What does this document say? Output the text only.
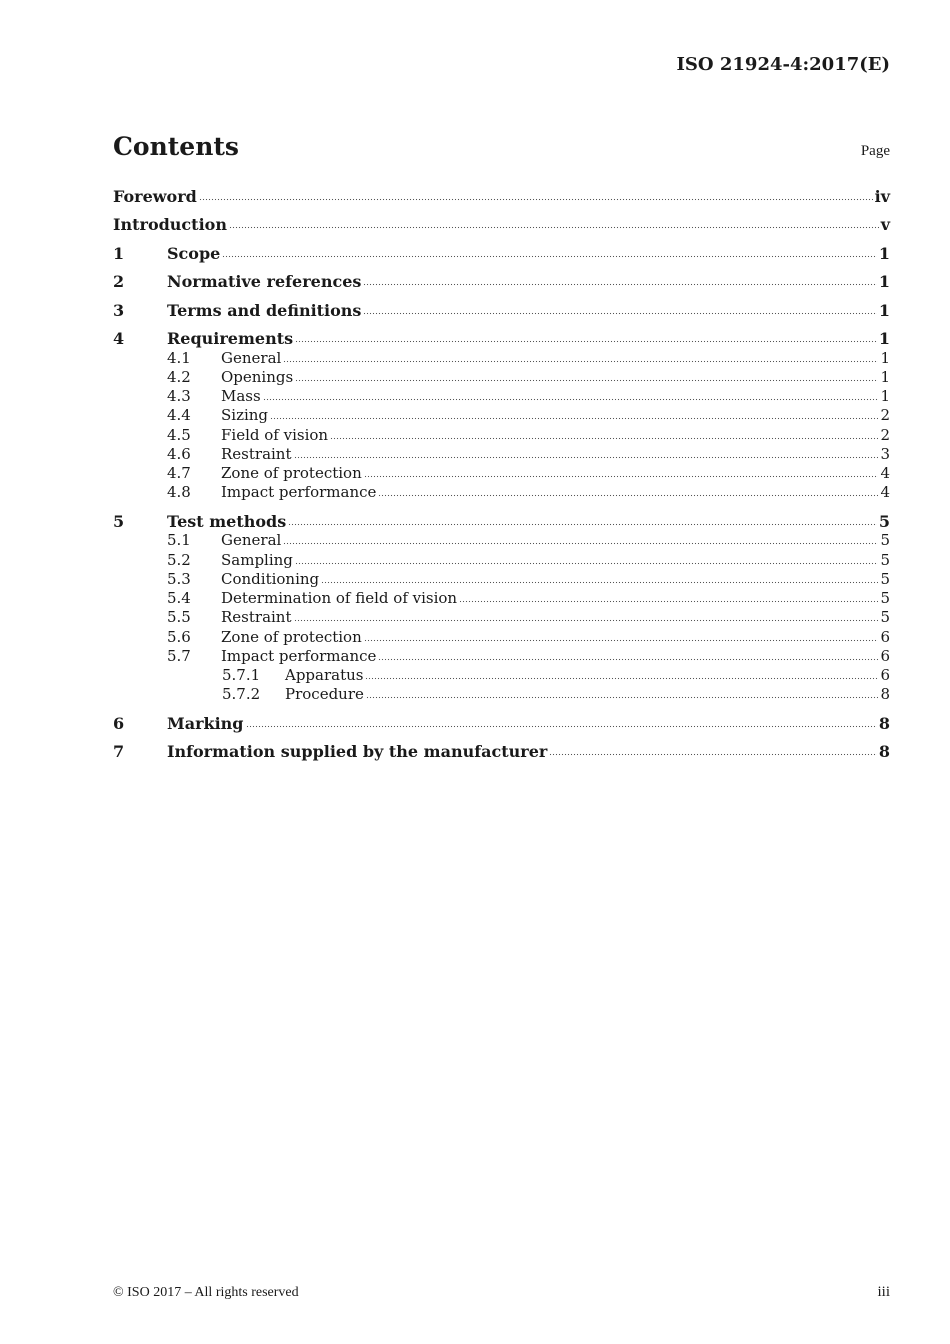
ISO 21924-4:2017(E)
Contents	Page
Foreword	iv
Introduction	v
1	Scope	1
2	Normative references	1
3	Terms and definitions	1
4	Requirements	1
4.1	General	1
4.2	Openings	1
4.3	Mass	1
4.4	Sizing	2
4.5	Field of vision	2
4.6	Restraint	3
4.7	Zone of protection	4
4.8	Impact performance	4
5	Test methods	5
5.1	General	5
5.2	Sampling	5
5.3	Conditioning	5
5.4	Determination of field of vision	5
5.5	Restraint	5
5.6	Zone of protection	6
5.7	Impact performance	6
5.7.1	Apparatus	6
5.7.2	Procedure	8
6	Marking	8
7	Information supplied by the manufacturer	8
© ISO 2017 – All rights reserved	iii
